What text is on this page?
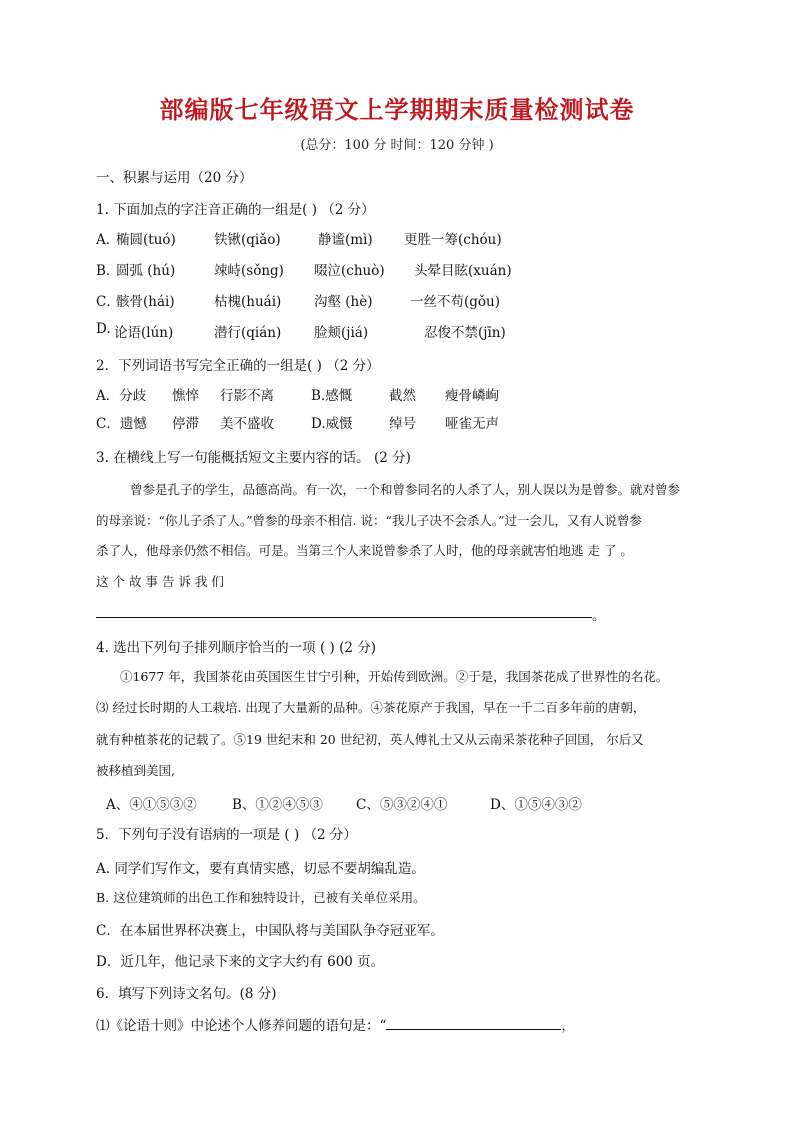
部编版七年级语文上学期期末质量检测试卷
(总分：100 分 时间：120 分钟 )
一、积累与运用（20 分）
1. 下面加点的字注音正确的一组是( ) （2 分）
A．
椭圆(tuó)	铁锹(qiǎo)	静谧(mì) 更胜一筹(chóu)
B．
圆弧 (hú)	竦峙(sǒng) 啜泣(chuò) 头晕目眩(xuán)
C．
骸骨(hái)	枯槐(huái) 沟壑 (hè)	一丝不苟(gǒu)
D. 论语(lún)	潜行(qián) 脸颊(jiá)	忍俊不禁(jīn)
2．下列词语书写完全正确的一组是( ) （2 分）
A．分歧 憔悴 行影不离	B.感慨	截然 瘦骨嶙峋
C．遗憾 停滞 美不盛收	D.威慑	绰号 哑雀无声
3. 在横线上写一句能概括短文主要内容的话。 (2 分)
曾参是孔子的学生，品德高尚。有一次，一个和曾参同名的人杀了人，别人误以为是曾参。就对曾参
的母亲说：“你儿子杀了人。”曾参的母亲不相信. 说：“我儿子决不会杀人。”过一会儿，又有人说曾参
杀了人，他母亲仍然不相信。可是。当第三个人来说曾参杀了人时，他的母亲就害怕地逃 走 了 。
这 个 故 事 告 诉 我 们
。
4. 选出下列句子排列顺序恰当的一项 ( ) (2 分)
①1677 年，我国茶花由英国医生甘宁引种，开始传到欧洲。②于是，我国茶花成了世界性的名花。
⑶ 经过长时期的人工栽培. 出现了大量新的品种。④茶花原产于我国，早在一千二百多年前的唐朝，
就有种植茶花的记载了。⑤19 世纪末和 20 世纪初，英人傅礼士又从云南采茶花种子回国， 尔后又
被移植到美国,
A、④①⑤③②	B、①②④⑤③ C、⑤③②④①	D、①⑤④③②
5．下列句子没有语病的一项是 ( ) （2 分）
A. 同学们写作文，要有真情实感，切忌不要胡编乱造。
B. 这位建筑师的出色工作和独特设计，已被有关单位采用。
C．在本届世界杯决赛上，中国队将与美国队争夺冠亚军。
D．近几年，他记录下来的文字大约有 600 页。
6．填写下列诗文名句。(8 分)
⑴《论语十则》中论述个人修养问题的语句是：“	，
